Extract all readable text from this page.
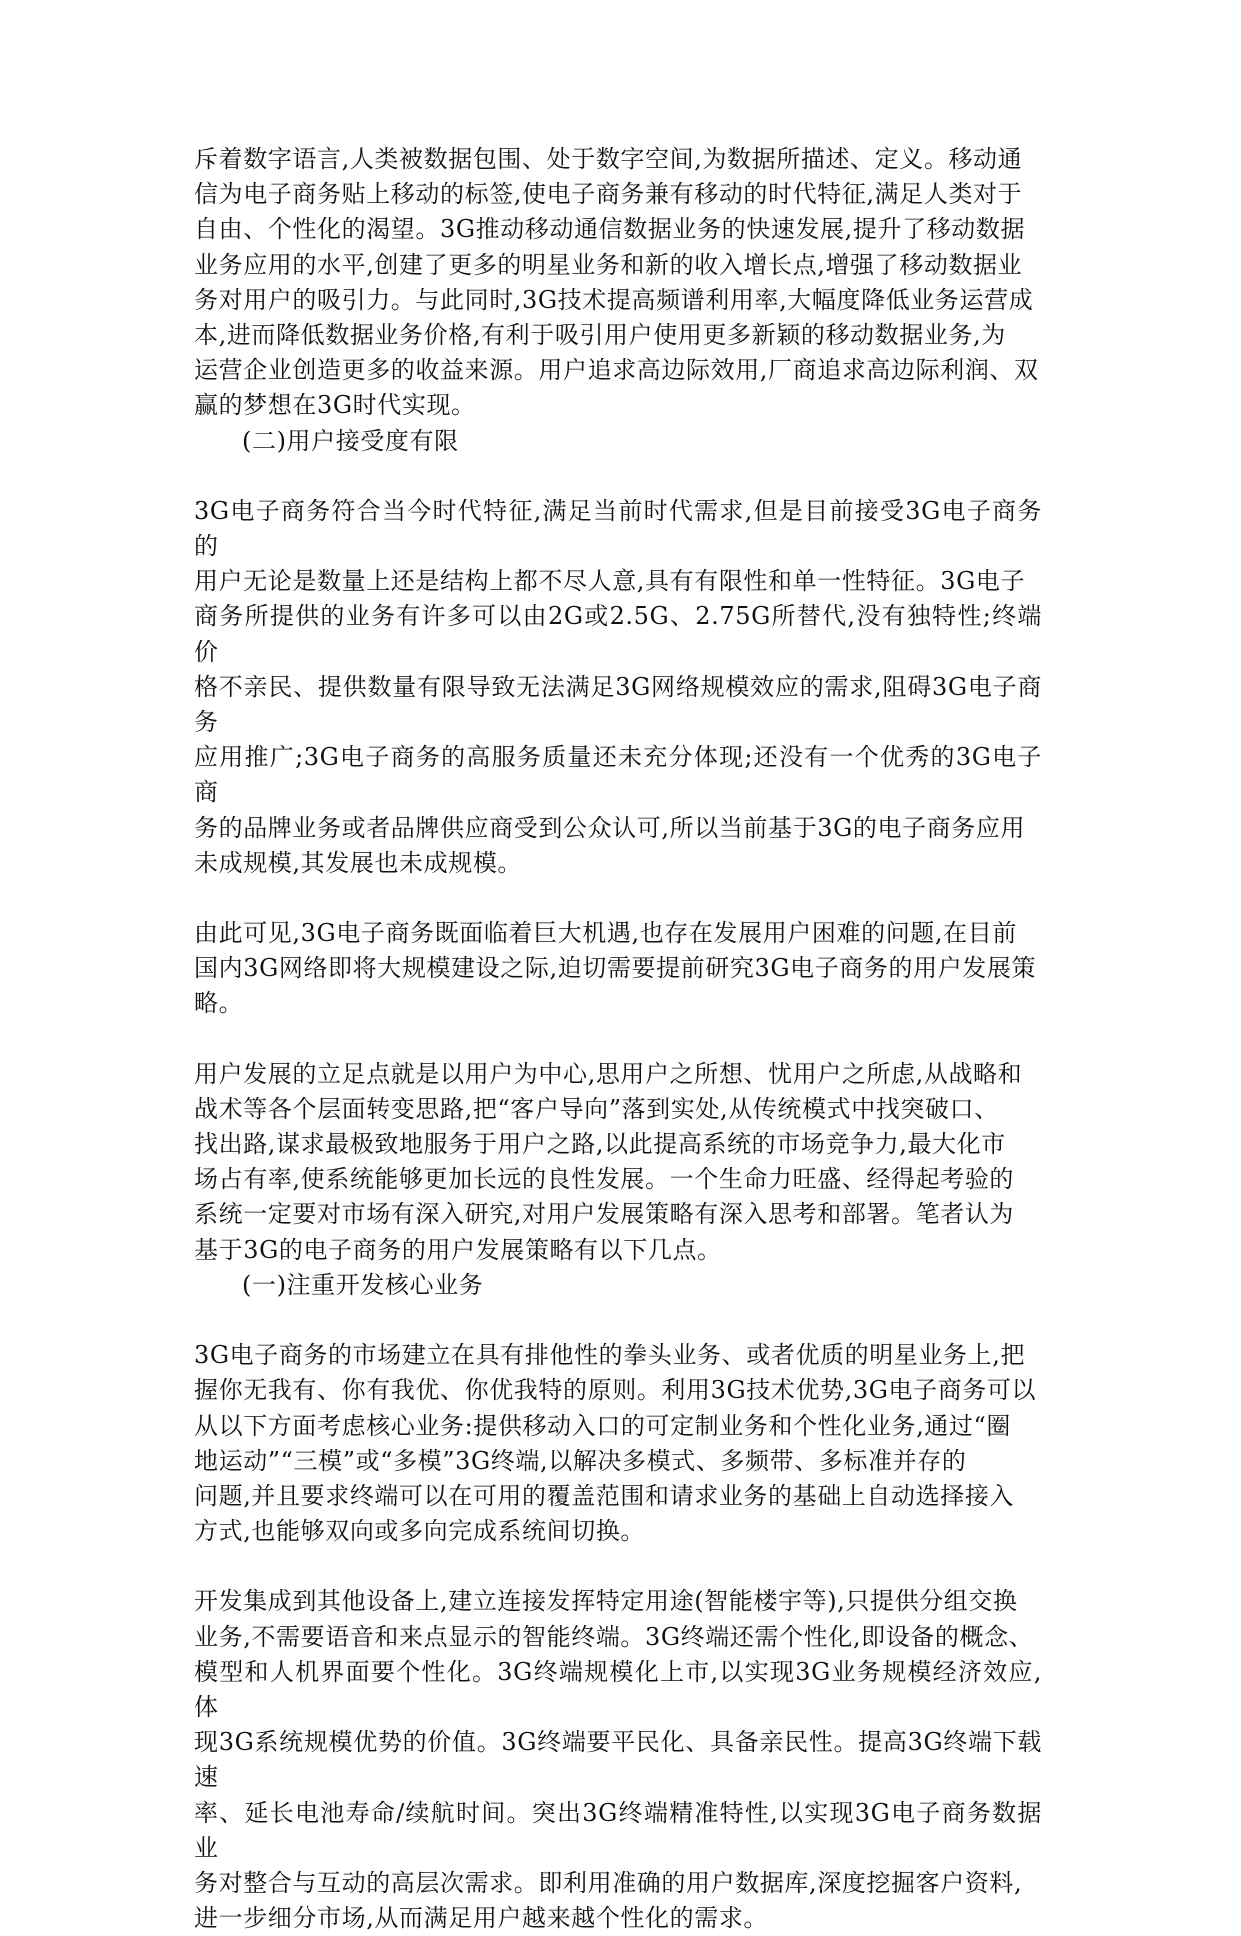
斥着数字语言,人类被数据包围、处于数字空间,为数据所描述、定义。移动通
信为电子商务贴上移动的标签,使电子商务兼有移动的时代特征,满足人类对于
自由、个性化的渴望。3G推动移动通信数据业务的快速发展,提升了移动数据
业务应用的水平,创建了更多的明星业务和新的收入增长点,增强了移动数据业
务对用户的吸引力。与此同时,3G技术提高频谱利用率,大幅度降低业务运营成
本,进而降低数据业务价格,有利于吸引用户使用更多新颖的移动数据业务,为
运营企业创造更多的收益来源。用户追求高边际效用,厂商追求高边际利润、双
赢的梦想在3G时代实现。

(二)用户接受度有限

3G电子商务符合当今时代特征,满足当前时代需求,但是目前接受3G电子商务的
用户无论是数量上还是结构上都不尽人意,具有有限性和单一性特征。3G电子
商务所提供的业务有许多可以由2G或2.5G、2.75G所替代,没有独特性;终端价
格不亲民、提供数量有限导致无法满足3G网络规模效应的需求,阻碍3G电子商务
应用推广;3G电子商务的高服务质量还未充分体现;还没有一个优秀的3G电子商
务的品牌业务或者品牌供应商受到公众认可,所以当前基于3G的电子商务应用
未成规模,其发展也未成规模。

由此可见,3G电子商务既面临着巨大机遇,也存在发展用户困难的问题,在目前
国内3G网络即将大规模建设之际,迫切需要提前研究3G电子商务的用户发展策
略。

用户发展的立足点就是以用户为中心,思用户之所想、忧用户之所虑,从战略和
战术等各个层面转变思路,把“客户导向”落到实处,从传统模式中找突破口、
找出路,谋求最极致地服务于用户之路,以此提高系统的市场竞争力,最大化市
场占有率,使系统能够更加长远的良性发展。一个生命力旺盛、经得起考验的
系统一定要对市场有深入研究,对用户发展策略有深入思考和部署。笔者认为
基于3G的电子商务的用户发展策略有以下几点。

(一)注重开发核心业务

3G电子商务的市场建立在具有排他性的拳头业务、或者优质的明星业务上,把
握你无我有、你有我优、你优我特的原则。利用3G技术优势,3G电子商务可以
从以下方面考虑核心业务:提供移动入口的可定制业务和个性化业务,通过“圈
地运动”“三模”或“多模”3G终端,以解决多模式、多频带、多标准并存的
问题,并且要求终端可以在可用的覆盖范围和请求业务的基础上自动选择接入
方式,也能够双向或多向完成系统间切换。

开发集成到其他设备上,建立连接发挥特定用途(智能楼宇等),只提供分组交换
业务,不需要语音和来点显示的智能终端。3G终端还需个性化,即设备的概念、
模型和人机界面要个性化。3G终端规模化上市,以实现3G业务规模经济效应,体
现3G系统规模优势的价值。3G终端要平民化、具备亲民性。提高3G终端下载速
率、延长电池寿命/续航时间。突出3G终端精准特性,以实现3G电子商务数据业
务对整合与互动的高层次需求。即利用准确的用户数据库,深度挖掘客户资料,
进一步细分市场,从而满足用户越来越个性化的需求。
